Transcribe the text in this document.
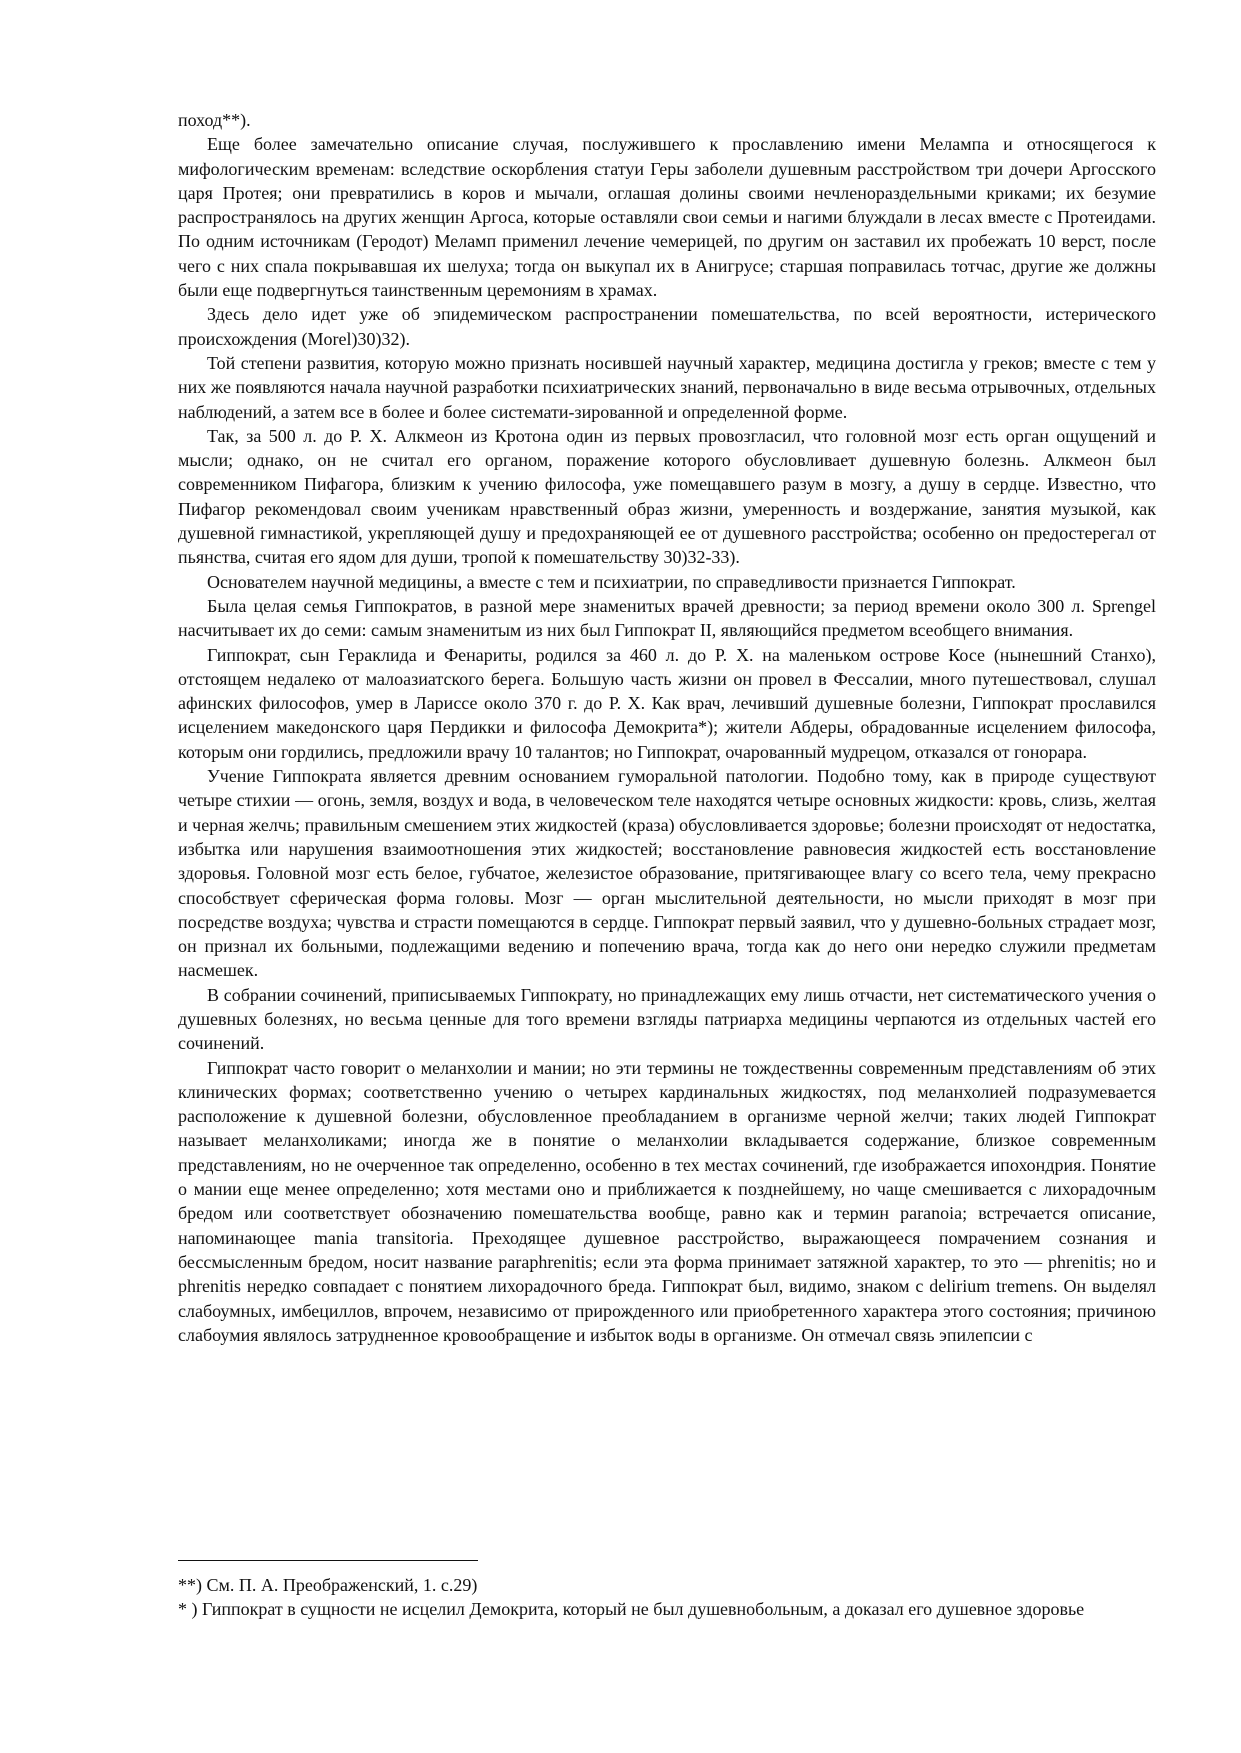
поход**).

Еще более замечательно описание случая, послужившего к прославлению имени Мелампа и относящегося к мифологическим временам: вследствие оскорбления статуи Геры заболели душевным расстройством три дочери Аргосского царя Протея; они превратились в коров и мычали, оглашая долины своими нечленораздельными криками; их безумие распространялось на других женщин Аргоса, которые оставляли свои семьи и нагими блуждали в лесах вместе с Протеидами. По одним источникам (Геродот) Меламп применил лечение чемерицей, по другим он заставил их пробежать 10 верст, после чего с них спала покрывавшая их шелуха; тогда он выкупал их в Анигрусе; старшая поправилась тотчас, другие же должны были еще подвергнуться таинственным церемониям в храмах.

Здесь дело идет уже об эпидемическом распространении помешательства, по всей вероятности, истерического происхождения (Morel)30)32).

Той степени развития, которую можно признать носившей научный характер, медицина достигла у греков; вместе с тем у них же появляются начала научной разработки психиатрических знаний, первоначально в виде весьма отрывочных, отдельных наблюдений, а затем все в более и более системати-зированной и определенной форме.

Так, за 500 л. до Р. Х. Алкмеон из Кротона один из первых провозгласил, что головной мозг есть орган ощущений и мысли; однако, он не считал его органом, поражение которого обусловливает душевную болезнь. Алкмеон был современником Пифагора, близким к учению философа, уже помещавшего разум в мозгу, а душу в сердце. Известно, что Пифагор рекомендовал своим ученикам нравственный образ жизни, умеренность и воздержание, занятия музыкой, как душевной гимнастикой, укрепляющей душу и предохраняющей ее от душевного расстройства; особенно он предостерегал от пьянства, считая его ядом для души, тропой к помешательству 30)32-33).

Основателем научной медицины, а вместе с тем и психиатрии, по справедливости признается Гиппократ.

Была целая семья Гиппократов, в разной мере знаменитых врачей древности; за период времени около 300 л. Sprengel насчитывает их до семи: самым знаменитым из них был Гиппократ II, являющийся предметом всеобщего внимания.

Гиппократ, сын Гераклида и Фенариты, родился за 460 л. до Р. Х. на маленьком острове Косе (нынешний Станхо), отстоящем недалеко от малоазиатского берега. Большую часть жизни он провел в Фессалии, много путешествовал, слушал афинских философов, умер в Лариссе около 370 г. до Р. Х. Как врач, лечивший душевные болезни, Гиппократ прославился исцелением македонского царя Пердикки и философа Демокрита*); жители Абдеры, обрадованные исцелением философа, которым они гордились, предложили врачу 10 талантов; но Гиппократ, очарованный мудрецом, отказался от гонорара.

Учение Гиппократа является древним основанием гуморальной патологии. Подобно тому, как в природе существуют четыре стихии — огонь, земля, воздух и вода, в человеческом теле находятся четыре основных жидкости: кровь, слизь, желтая и черная желчь; правильным смешением этих жидкостей (краза) обусловливается здоровье; болезни происходят от недостатка, избытка или нарушения взаимоотношения этих жидкостей; восстановление равновесия жидкостей есть восстановление здоровья. Головной мозг есть белое, губчатое, железистое образование, притягивающее влагу со всего тела, чему прекрасно способствует сферическая форма головы. Мозг — орган мыслительной деятельности, но мысли приходят в мозг при посредстве воздуха; чувства и страсти помещаются в сердце. Гиппократ первый заявил, что у душевно-больных страдает мозг, он признал их больными, подлежащими ведению и попечению врача, тогда как до него они нередко служили предметам насмешек.

В собрании сочинений, приписываемых Гиппократу, но принадлежащих ему лишь отчасти, нет систематического учения о душевных болезнях, но весьма ценные для того времени взгляды патриарха медицины черпаются из отдельных частей его сочинений.

Гиппократ часто говорит о меланхолии и мании; но эти термины не тождественны современным представлениям об этих клинических формах; соответственно учению о четырех кардинальных жидкостях, под меланхолией подразумевается расположение к душевной болезни, обусловленное преобладанием в организме черной желчи; таких людей Гиппократ называет меланхоликами; иногда же в понятие о меланхолии вкладывается содержание, близкое современным представлениям, но не очерченное так определенно, особенно в тех местах сочинений, где изображается ипохондрия. Понятие о мании еще менее определенно; хотя местами оно и приближается к позднейшему, но чаще смешивается с лихорадочным бредом или соответствует обозначению помешательства вообще, равно как и термин paranoia; встречается описание, напоминающее mania transitoria. Преходящее душевное расстройство, выражающееся помрачением сознания и бессмысленным бредом, носит название paraphrenitis; если эта форма принимает затяжной характер, то это — phrenitis; но и phrenitis нередко совпадает с понятием лихорадочного бреда. Гиппократ был, видимо, знаком с delirium tremens. Он выделял слабоумных, имбециллов, впрочем, независимо от прирожденного или приобретенного характера этого состояния; причиною слабоумия являлось затрудненное кровообращение и избыток воды в организме. Он отмечал связь эпилепсии с

**) См. П. А. Преображенский, 1. с.29)

* ) Гиппократ в сущности не исцелил Демокрита, который не был душевнобольным, а доказал его душевное здоровье
